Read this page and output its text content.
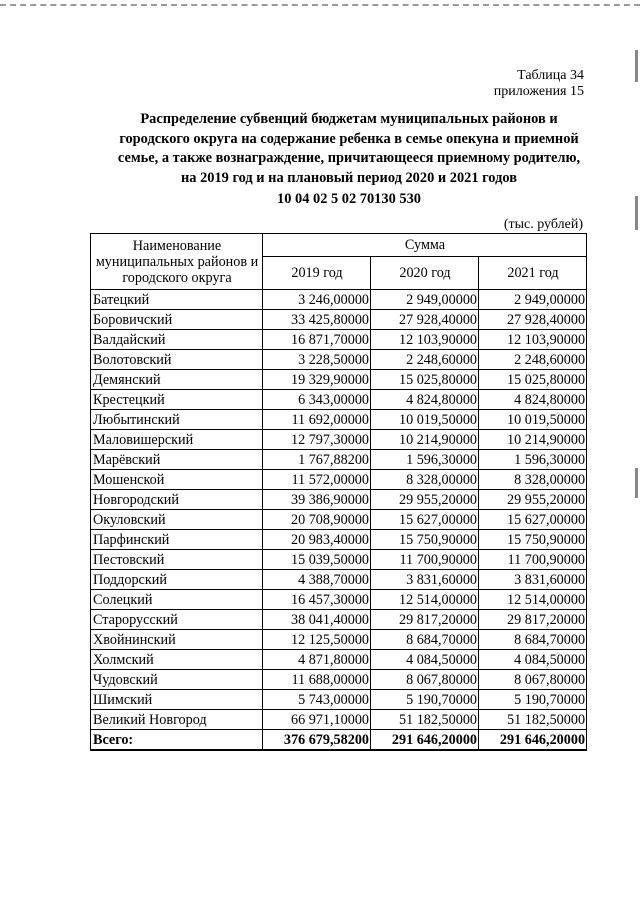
Таблица 34
приложения 15
Распределение субвенций бюджетам муниципальных районов и
городского округа на содержание ребенка в семье опекуна и приемной
семье, а также вознаграждение, причитающееся приемному родителю,
на 2019 год и на плановый период 2020 и 2021 годов
10 04 02 5 02 70130 530
(тыс. рублей)
Наименование муниципальных районов и городского округа	Сумма		
	2019 год	2020 год	2021 год
Батецкий	3 246,00000	2 949,00000	2 949,00000
Боровичский	33 425,80000	27 928,40000	27 928,40000
Валдайский	16 871,70000	12 103,90000	12 103,90000
Волотовский	3 228,50000	2 248,60000	2 248,60000
Демянский	19 329,90000	15 025,80000	15 025,80000
Крестецкий	6 343,00000	4 824,80000	4 824,80000
Любытинский	11 692,00000	10 019,50000	10 019,50000
Маловишерский	12 797,30000	10 214,90000	10 214,90000
Марёвский	1 767,88200	1 596,30000	1 596,30000
Мошенской	11 572,00000	8 328,00000	8 328,00000
Новгородский	39 386,90000	29 955,20000	29 955,20000
Окуловский	20 708,90000	15 627,00000	15 627,00000
Парфинский	20 983,40000	15 750,90000	15 750,90000
Пестовский	15 039,50000	11 700,90000	11 700,90000
Поддорский	4 388,70000	3 831,60000	3 831,60000
Солецкий	16 457,30000	12 514,00000	12 514,00000
Старорусский	38 041,40000	29 817,20000	29 817,20000
Хвойнинский	12 125,50000	8 684,70000	8 684,70000
Холмский	4 871,80000	4 084,50000	4 084,50000
Чудовский	11 688,00000	8 067,80000	8 067,80000
Шимский	5 743,00000	5 190,70000	5 190,70000
Великий Новгород	66 971,10000	51 182,50000	51 182,50000
Всего:	376 679,58200	291 646,20000	291 646,20000
